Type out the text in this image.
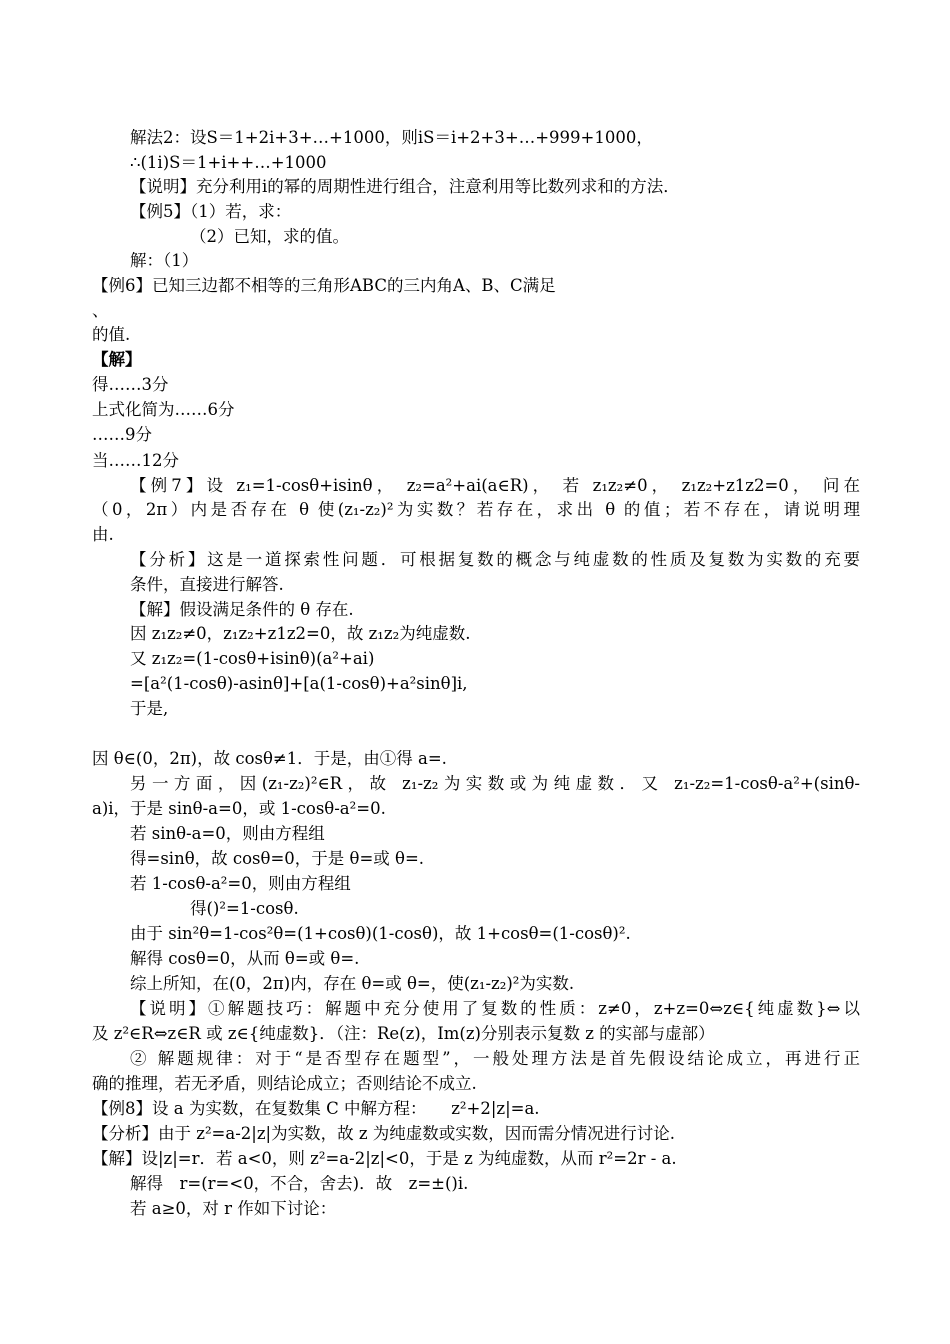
解法2：设S＝1+2i+3+…+1000，则iS＝i+2+3+…+999+1000，
∴(1i)S＝1+i++…+1000
【说明】充分利用i的幂的周期性进行组合，注意利用等比数列求和的方法．
【例5】（1）若，求：
（2）已知，求的值。
解：（1）
【例6】已知三边都不相等的三角形ABC的三内角A、B、C满足
、
的值.
【解】
得……3分
上式化简为……6分
……9分
当……12分
【例7】设 z₁=1-cosθ+isinθ， z₂=a²+ai(a∈R)， 若 z₁z₂≠0， z₁z₂+z1z2=0， 问在
（0，2π）内是否存在 θ 使(z₁-z₂)²为实数？若存在，求出 θ 的值；若不存在，请说明理
由.
【分析】这是一道探索性问题．可根据复数的概念与纯虚数的性质及复数为实数的充要
条件，直接进行解答.
【解】假设满足条件的 θ 存在.
因 z₁z₂≠0，z₁z₂+z1z2=0，故 z₁z₂为纯虚数.
又 z₁z₂=(1-cosθ+isinθ)(a²+ai)
=[a²(1-cosθ)-asinθ]+[a(1-cosθ)+a²sinθ]i,
于是,
因 θ∈(0，2π)，故 cosθ≠1．于是，由①得 a=.
另一方面，因(z₁-z₂)²∈R，故 z₁-z₂为实数或为纯虚数．又 z₁-z₂=1-cosθ-a²+(sinθ-
a)i，于是 sinθ-a=0，或 1-cosθ-a²=0.
若 sinθ-a=0，则由方程组
得=sinθ，故 cosθ=0，于是 θ=或 θ=.
若 1-cosθ-a²=0，则由方程组
得()²=1-cosθ.
由于 sin²θ=1-cos²θ=(1+cosθ)(1-cosθ)，故 1+cosθ=(1-cosθ)².
解得 cosθ=0，从而 θ=或 θ=.
综上所知，在(0，2π)内，存在 θ=或 θ=，使(z₁-z₂)²为实数.
【说明】①解题技巧：解题中充分使用了复数的性质：z≠0，z+z=0⇔z∈{纯虚数}⇔以
及 z²∈R⇔z∈R 或 z∈{纯虚数}．（注：Re(z)，Im(z)分别表示复数 z 的实部与虚部）
② 解题规律：对于“是否型存在题型”，一般处理方法是首先假设结论成立，再进行正
确的推理，若无矛盾，则结论成立；否则结论不成立.
【例8】设 a 为实数，在复数集 C 中解方程：　　z²+2|z|=a.
【分析】由于 z²=a-2|z|为实数，故 z 为纯虚数或实数，因而需分情况进行讨论.
【解】设|z|=r．若 a<0，则 z²=a-2|z|<0，于是 z 为纯虚数，从而 r²=2r - a.
解得　r=(r=<0，不合，舍去)．故　z=±()i.
若 a≥0，对 r 作如下讨论：
